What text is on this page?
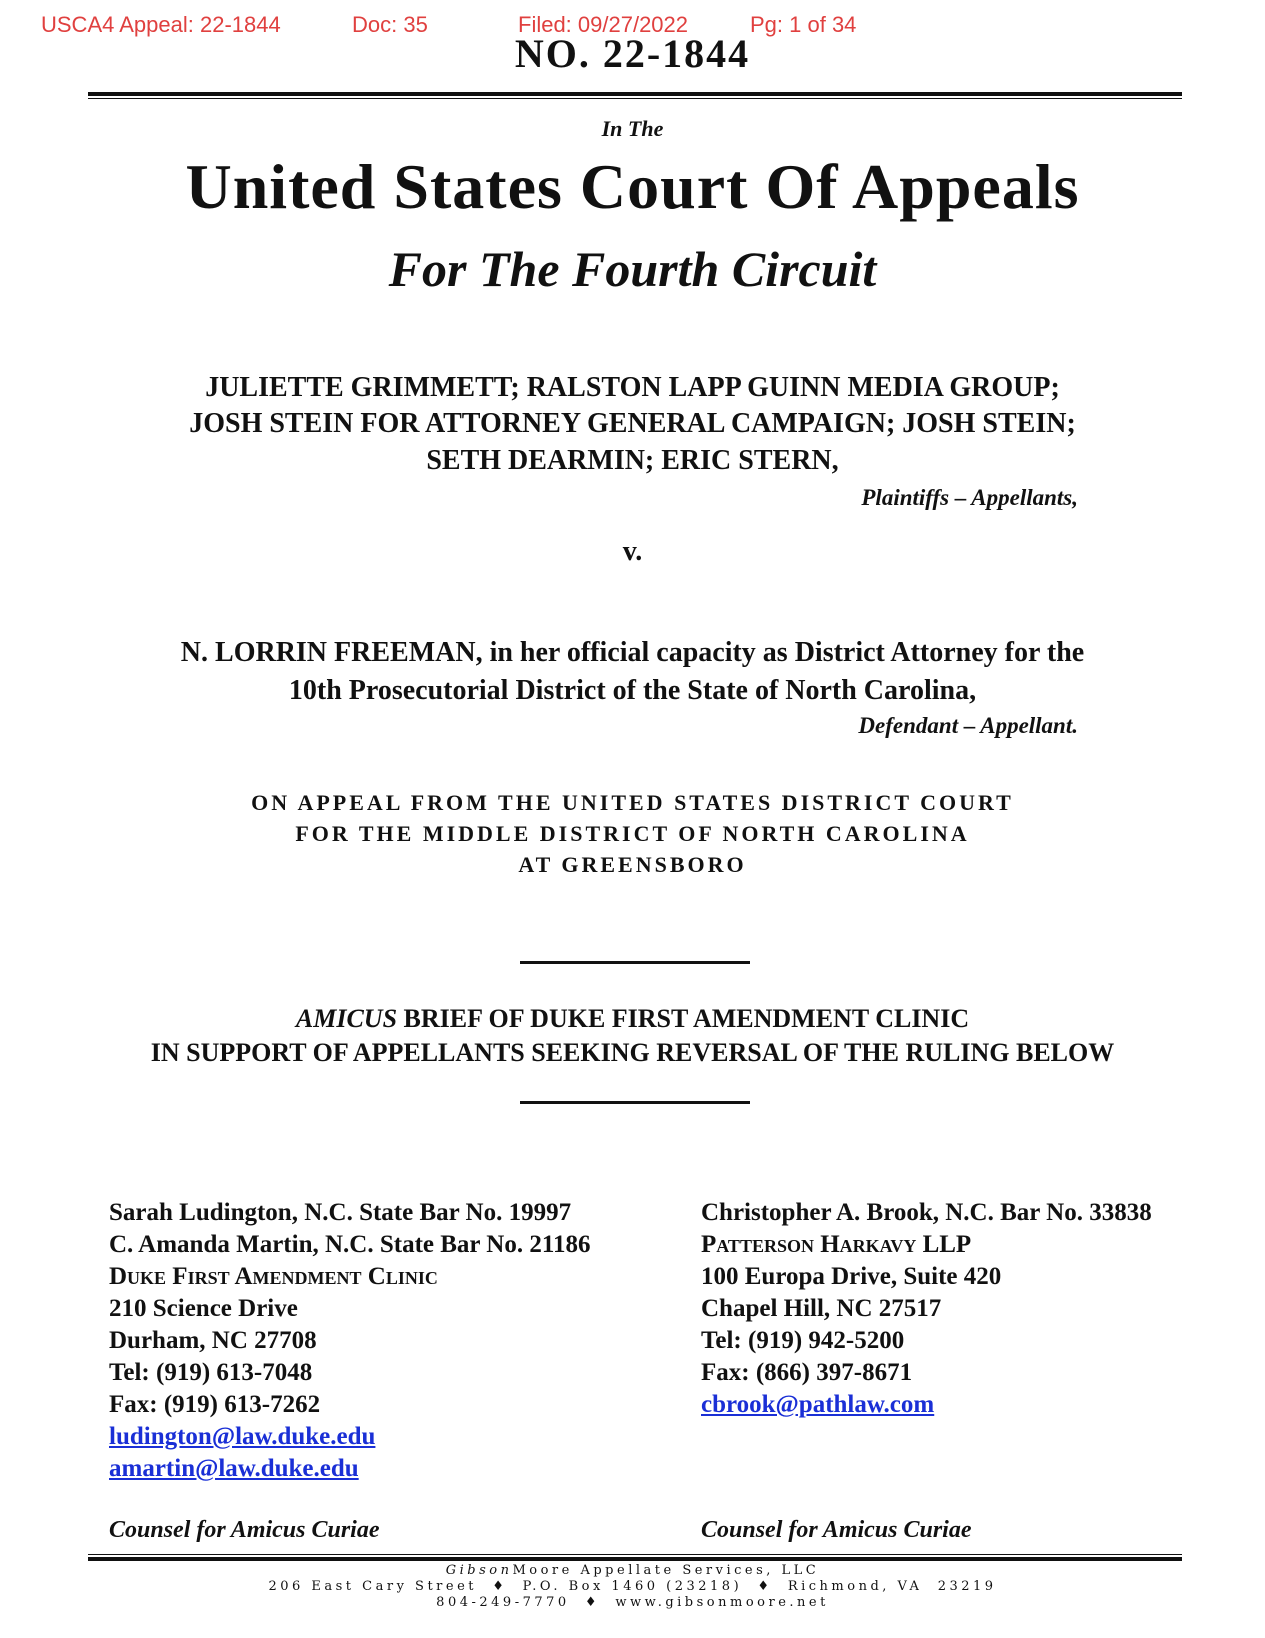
USCA4 Appeal: 22-1844	Doc: 35	Filed: 09/27/2022	Pg: 1 of 34
NO. 22-1844
In The
United States Court Of Appeals
For The Fourth Circuit
JULIETTE GRIMMETT; RALSTON LAPP GUINN MEDIA GROUP;
JOSH STEIN FOR ATTORNEY GENERAL CAMPAIGN; JOSH STEIN;
SETH DEARMIN; ERIC STERN,
Plaintiffs – Appellants,
v.
N. LORRIN FREEMAN, in her official capacity as District Attorney for the
10th Prosecutorial District of the State of North Carolina,
Defendant – Appellant.
ON APPEAL FROM THE UNITED STATES DISTRICT COURT
FOR THE MIDDLE DISTRICT OF NORTH CAROLINA
AT GREENSBORO
AMICUS BRIEF OF DUKE FIRST AMENDMENT CLINIC
IN SUPPORT OF APPELLANTS SEEKING REVERSAL OF THE RULING BELOW
Sarah Ludington, N.C. State Bar No. 19997
C. Amanda Martin, N.C. State Bar No. 21186
Duke First Amendment Clinic
210 Science Drive
Durham, NC 27708
Tel: (919) 613-7048
Fax: (919) 613-7262
ludington@law.duke.edu
amartin@law.duke.edu
Christopher A. Brook, N.C. Bar No. 33838
Patterson Harkavy LLP
100 Europa Drive, Suite 420
Chapel Hill, NC 27517
Tel: (919) 942-5200
Fax: (866) 397-8671
cbrook@pathlaw.com
Counsel for Amicus Curiae	Counsel for Amicus Curiae
GibsonMoore Appellate Services, LLC
206 East Cary Street  ♦  P.O. Box 1460 (23218)  ♦  Richmond, VA  23219
804-249-7770  ♦  www.gibsonmoore.net
